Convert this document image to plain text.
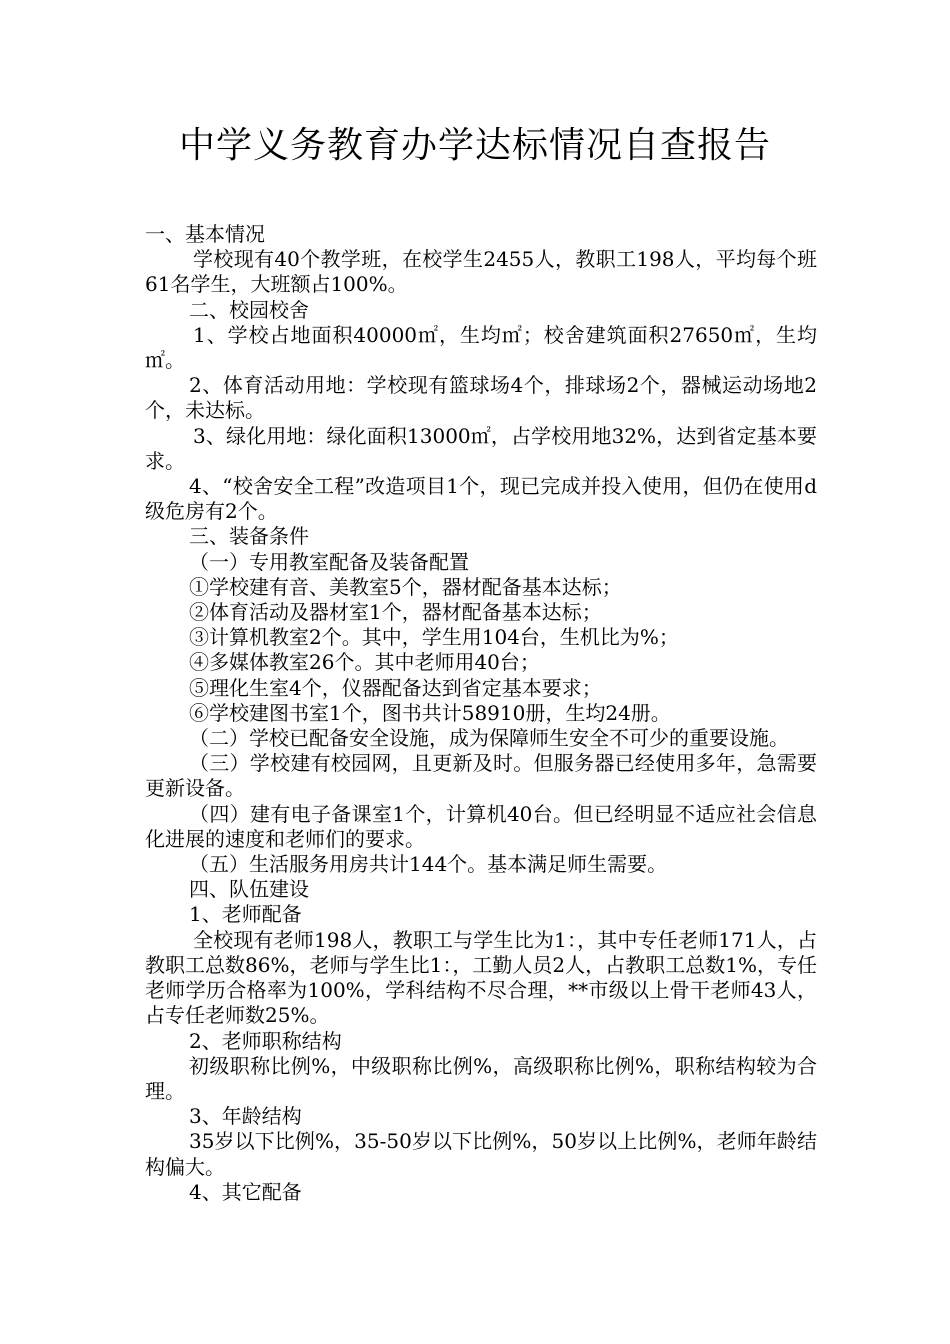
中学义务教育办学达标情况自查报告

一、基本情况

学校现有40个教学班，在校学生2455人，教职工198人，平均每个班61名学生，大班额占100%。

二、校园校舍

1、学校占地面积40000㎡，生均㎡；校舍建筑面积27650㎡，生均㎡。

2、体育活动用地：学校现有篮球场4个，排球场2个，器械运动场地2个，未达标。

3、绿化用地：绿化面积13000㎡，占学校用地32%，达到省定基本要求。

4、“校舍安全工程”改造项目1个，现已完成并投入使用，但仍在使用d级危房有2个。

三、装备条件

（一）专用教室配备及装备配置

①学校建有音、美教室5个，器材配备基本达标；

②体育活动及器材室1个，器材配备基本达标；

③计算机教室2个。其中，学生用104台，生机比为%；

④多媒体教室26个。其中老师用40台；

⑤理化生室4个，仪器配备达到省定基本要求；

⑥学校建图书室1个，图书共计58910册，生均24册。

（二）学校已配备安全设施，成为保障师生安全不可少的重要设施。

（三）学校建有校园网，且更新及时。但服务器已经使用多年，急需要更新设备。

（四）建有电子备课室1个，计算机40台。但已经明显不适应社会信息化进展的速度和老师们的要求。

（五）生活服务用房共计144个。基本满足师生需要。

四、队伍建设

1、老师配备

全校现有老师198人，教职工与学生比为1：，其中专任老师171人，占教职工总数86%，老师与学生比1：，工勤人员2人，占教职工总数1%，专任老师学历合格率为100%，学科结构不尽合理，**市级以上骨干老师43人，占专任老师数25%。

2、老师职称结构

初级职称比例%，中级职称比例%，高级职称比例%，职称结构较为合理。

3、年龄结构

35岁以下比例%，35-50岁以下比例%，50岁以上比例%，老师年龄结构偏大。

4、其它配备
